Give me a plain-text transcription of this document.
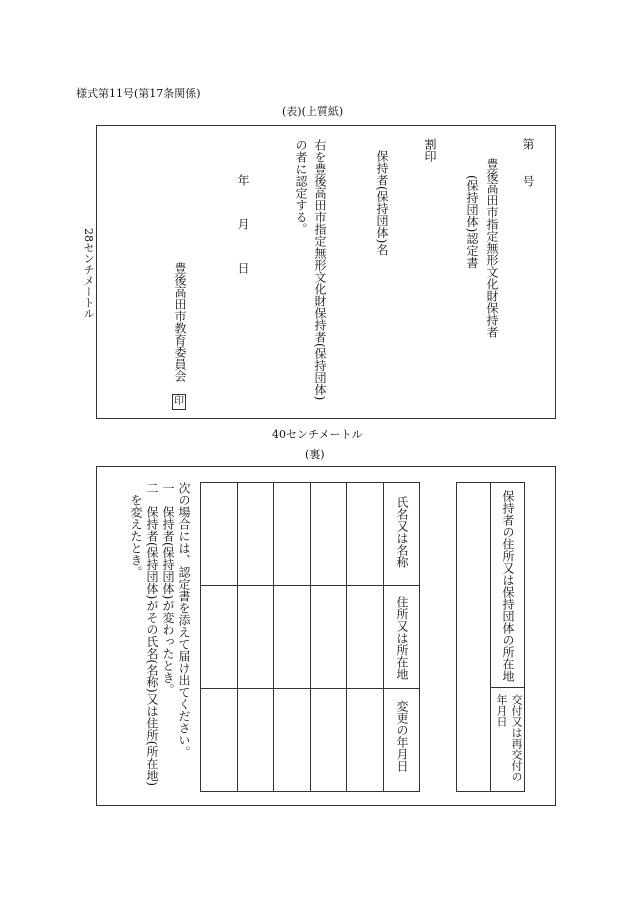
様式第11号(第17条関係)
(表)(上質紙)
第
号
豊後高田市指定無形文化財保持者
(保持団体)認定書
割印
保持者(保持団体)名
右を豊後高田市指定無形文化財保持者(保持団体)
の者に認定する。
年
月
日
豊後高田市教育委員会
印
28センチメートル
40センチメートル
(裏)
保持者の住所又は保持団体の所在地
交付又は再交付の
年月日
氏名又は名称
住所又は所在地
変更の年月日
次の場合には、認定書を添えて届け出てください。
一　保持者(保持団体)が変わったとき。
二　保持者(保持団体)がその氏名(名称)又は住所(所在地)
を変えたとき。
